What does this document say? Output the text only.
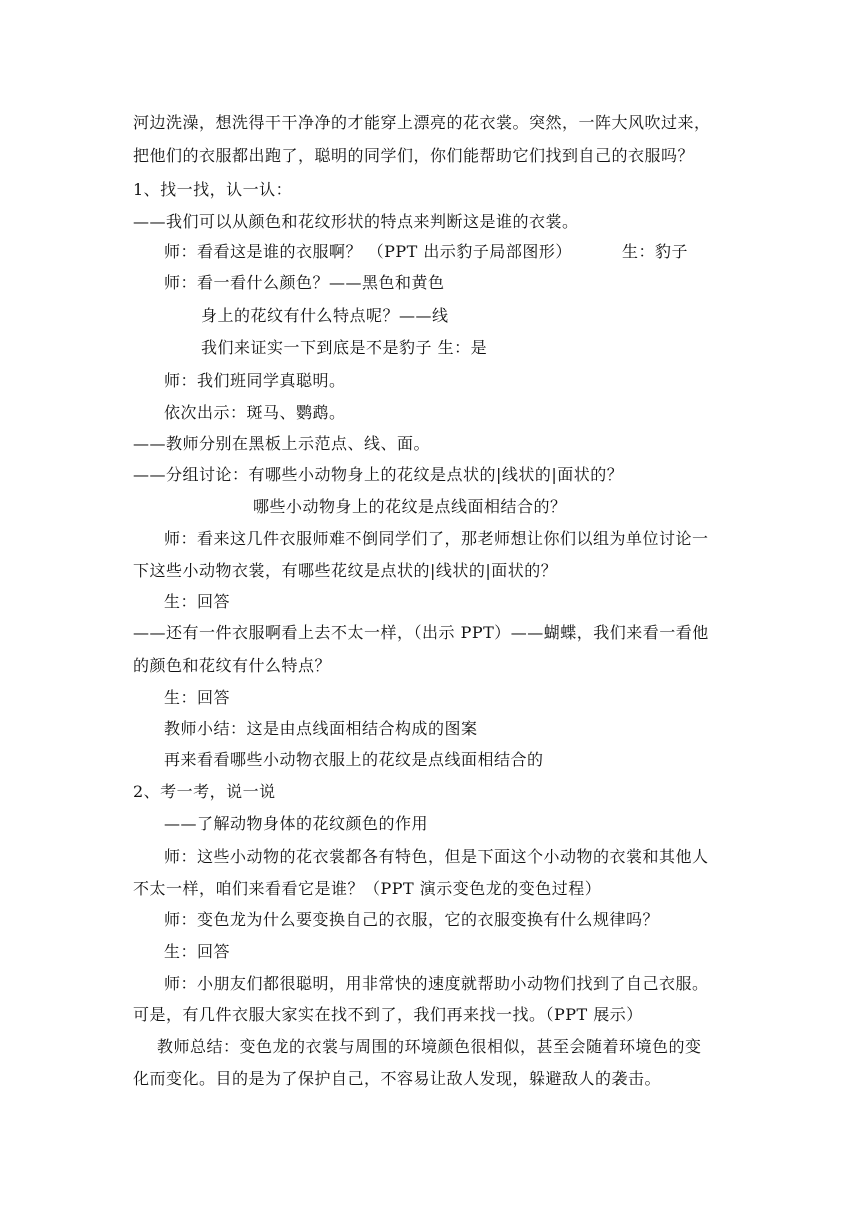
河边洗澡，想洗得干干净净的才能穿上漂亮的花衣裳。突然，一阵大风吹过来，
把他们的衣服都出跑了，聪明的同学们，你们能帮助它们找到自己的衣服吗？
1、找一找，认一认：
——我们可以从颜色和花纹形状的特点来判断这是谁的衣裳。
师：看看这是谁的衣服啊？ （PPT 出示豹子局部图形）	生：豹子
师：看一看什么颜色？——黑色和黄色
身上的花纹有什么特点呢？——线
我们来证实一下到底是不是豹子 生：是
师：我们班同学真聪明。
依次出示：斑马、鹦鹉。
——教师分别在黑板上示范点、线、面。
——分组讨论：有哪些小动物身上的花纹是点状的|线状的|面状的？
哪些小动物身上的花纹是点线面相结合的？
师：看来这几件衣服师难不倒同学们了，那老师想让你们以组为单位讨论一
下这些小动物衣裳，有哪些花纹是点状的|线状的|面状的？
生：回答
——还有一件衣服啊看上去不太一样，（出示 PPT）——蝴蝶，我们来看一看他
的颜色和花纹有什么特点？
生：回答
教师小结：这是由点线面相结合构成的图案
再来看看哪些小动物衣服上的花纹是点线面相结合的
2、考一考，说一说
——了解动物身体的花纹颜色的作用
师：这些小动物的花衣裳都各有特色，但是下面这个小动物的衣裳和其他人
不太一样，咱们来看看它是谁？（PPT 演示变色龙的变色过程）
师：变色龙为什么要变换自己的衣服，它的衣服变换有什么规律吗？
生：回答
师：小朋友们都很聪明，用非常快的速度就帮助小动物们找到了自己衣服。
可是，有几件衣服大家实在找不到了，我们再来找一找。（PPT 展示）
教师总结：变色龙的衣裳与周围的环境颜色很相似，甚至会随着环境色的变
化而变化。目的是为了保护自己，不容易让敌人发现，躲避敌人的袭击。
